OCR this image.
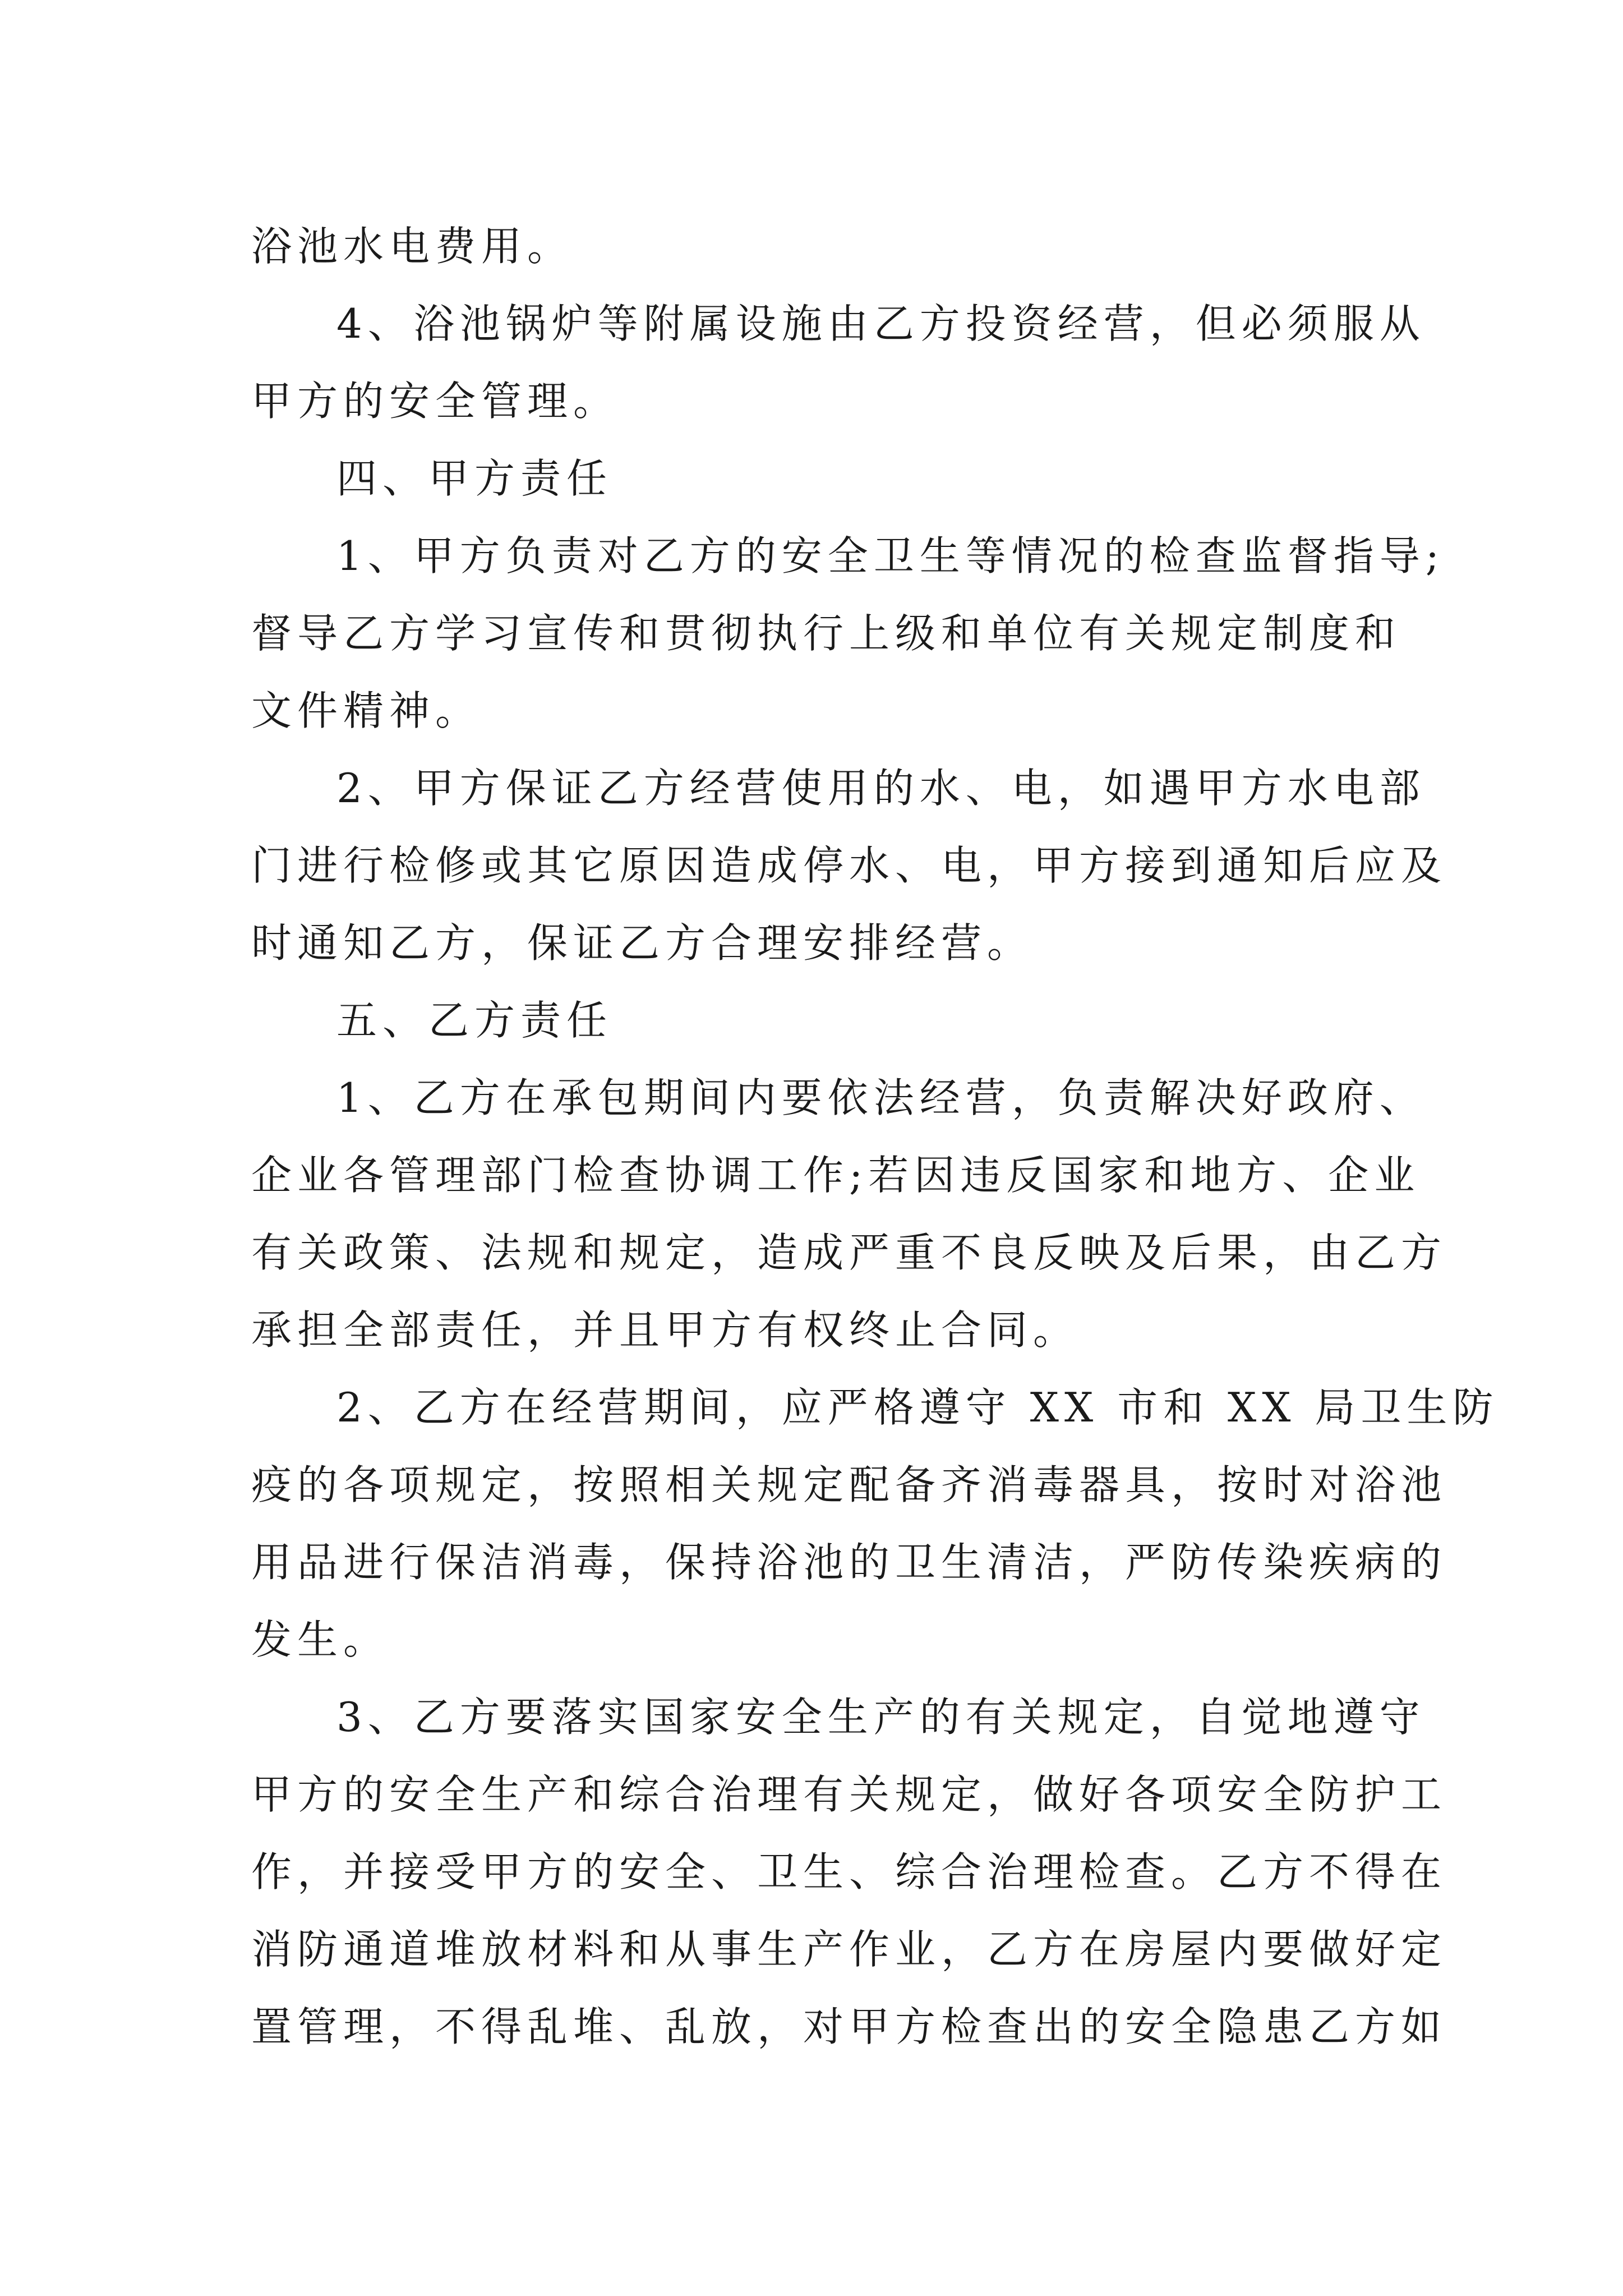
浴池水电费用。
4、浴池锅炉等附属设施由乙方投资经营，但必须服从
甲方的安全管理。
四、甲方责任
1、甲方负责对乙方的安全卫生等情况的检查监督指导;
督导乙方学习宣传和贯彻执行上级和单位有关规定制度和
文件精神。
2、甲方保证乙方经营使用的水、电，如遇甲方水电部
门进行检修或其它原因造成停水、电，甲方接到通知后应及
时通知乙方，保证乙方合理安排经营。
五、乙方责任
1、乙方在承包期间内要依法经营，负责解决好政府、
企业各管理部门检查协调工作;若因违反国家和地方、企业
有关政策、法规和规定，造成严重不良反映及后果，由乙方
承担全部责任，并且甲方有权终止合同。
2、乙方在经营期间，应严格遵守 XX 市和 XX 局卫生防
疫的各项规定，按照相关规定配备齐消毒器具，按时对浴池
用品进行保洁消毒，保持浴池的卫生清洁，严防传染疾病的
发生。
3、乙方要落实国家安全生产的有关规定，自觉地遵守
甲方的安全生产和综合治理有关规定，做好各项安全防护工
作，并接受甲方的安全、卫生、综合治理检查。乙方不得在
消防通道堆放材料和从事生产作业，乙方在房屋内要做好定
置管理，不得乱堆、乱放，对甲方检查出的安全隐患乙方如
